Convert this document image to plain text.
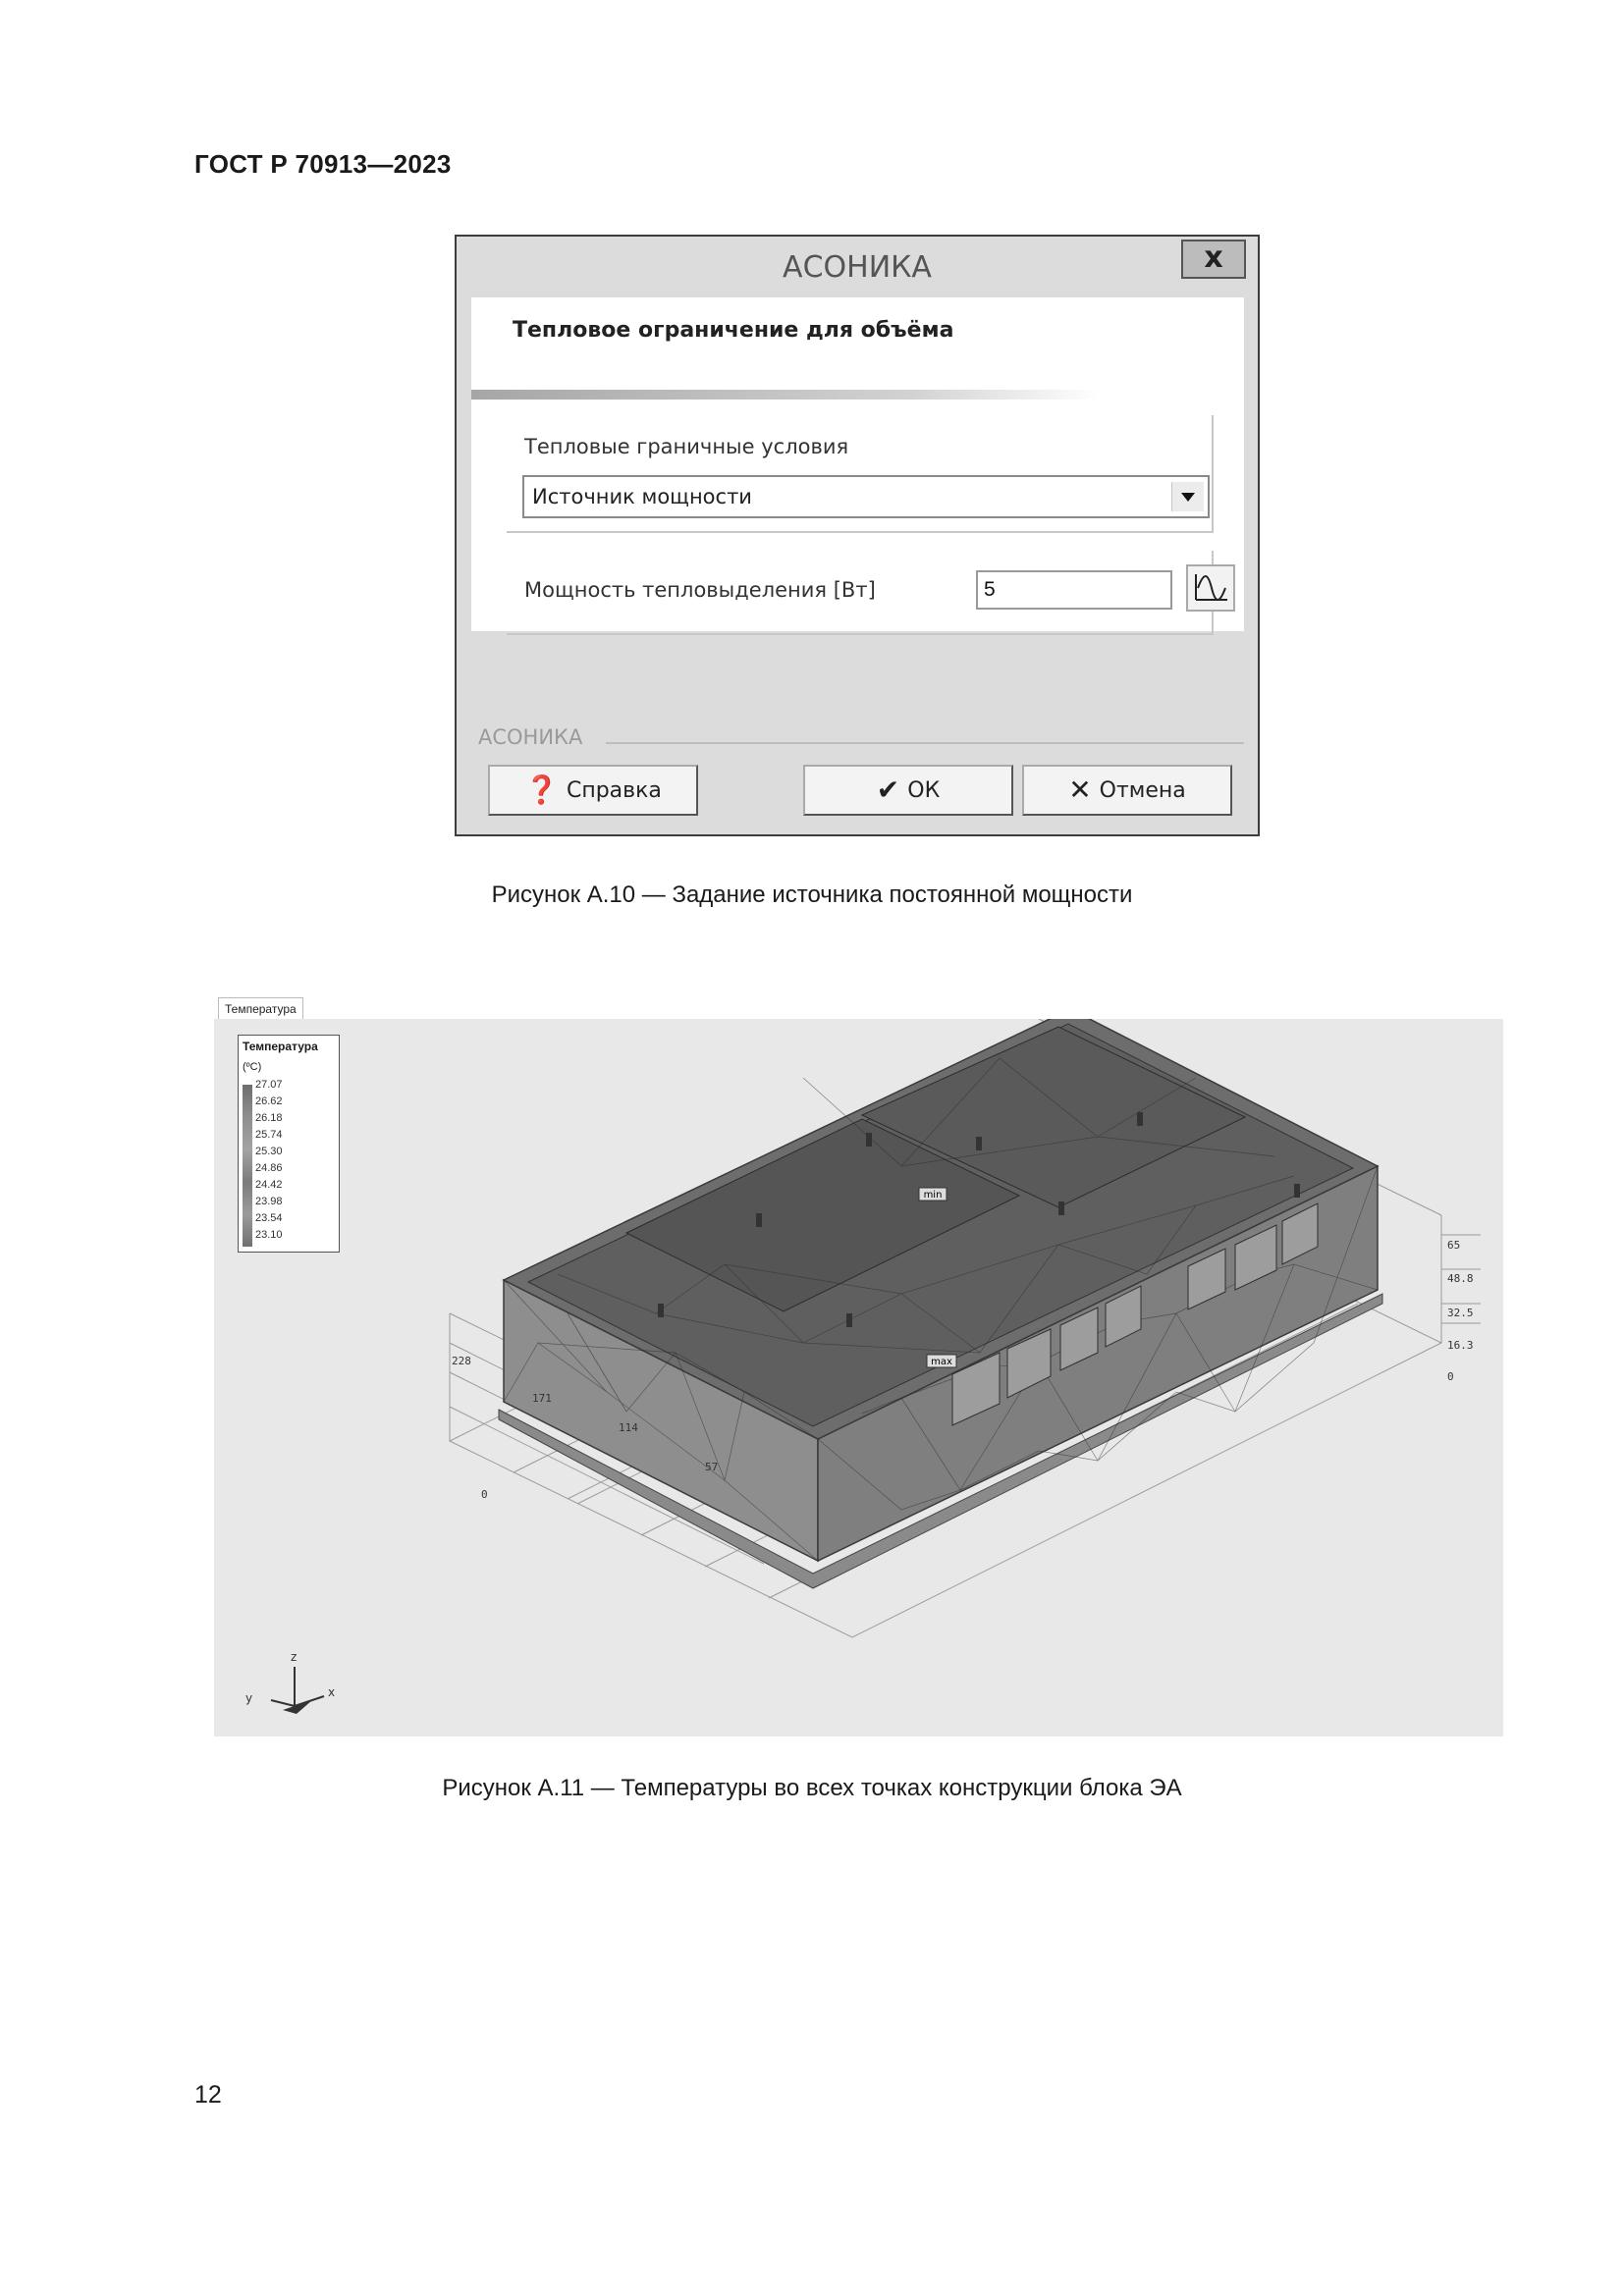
ГОСТ Р 70913—2023
АСОНИКА	x
Тепловое ограничение для объёма
Тепловые граничные условия
Источник мощности
Мощность тепловыделения [Вт]
5
АСОНИКА
❓ Справка	✔ ОК	✕ Отмена
Рисунок А.10 — Задание источника постоянной мощности
Температура
min
max
65
48.8
32.5
16.3
0
228
171
114
57
0
z
y	x
Температура
(ºC)
27.07
26.62
26.18
25.74
25.30
24.86
24.42
23.98
23.54
23.10
Рисунок А.11 — Температуры во всех точках конструкции блока ЭА
12
